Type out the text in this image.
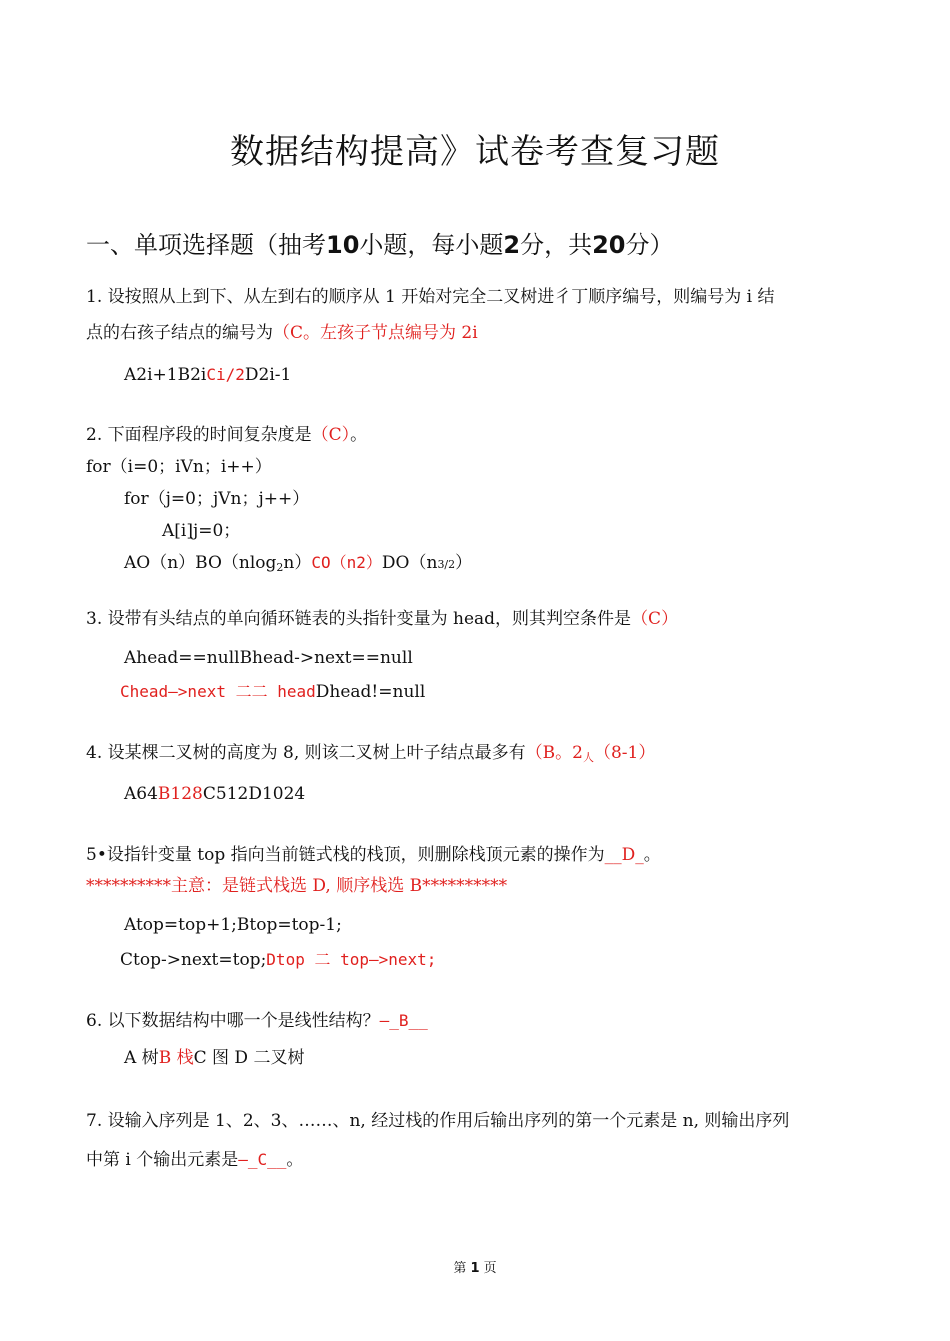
数据结构提高》试卷考查复习题
一、单项选择题（抽考10小题，每小题2分，共20分）
1. 设按照从上到下、从左到右的顺序从 1 开始对完全二叉树进彳丁顺序编号，则编号为 i 结
点的右孩子结点的编号为（C。左孩子节点编号为 2i
A2i+1B2iCi/2D2i-1
2. 下面程序段的时间复杂度是（C）。
for（i=0；iVn；i++）
for（j=0；jVn；j++）
A[i]j=0；
AO（n）BO（nlog$_2$n）CO（n2）DO（n3/2）
3. 设带有头结点的单向循环链表的头指针变量为 head，则其判空条件是（C）
Ahead==nullBhead->next==null
Chead—>next 二二 headDhead!=null
4. 设某棵二叉树的高度为 8, 则该二叉树上叶子结点最多有（B。$2_人(8-1)$
A64B128C512D1024
5•设指针变量 top 指向当前链式栈的栈顶，则删除栈顶元素的操作为__D_。
**********主意：是链式栈选 D, 顺序栈选 B**********
Atop=top+1;Btop=top-1;
Ctop->next=top;Dtop 二 top—>next;
6. 以下数据结构中哪一个是线性结构？—_B__
A 树B 栈C 图 D 二叉树
7. 设输入序列是 1、2、3、……、n, 经过栈的作用后输出序列的第一个元素是 n, 则输出序列
中第 i 个输出元素是—_C__。
第 1 页
